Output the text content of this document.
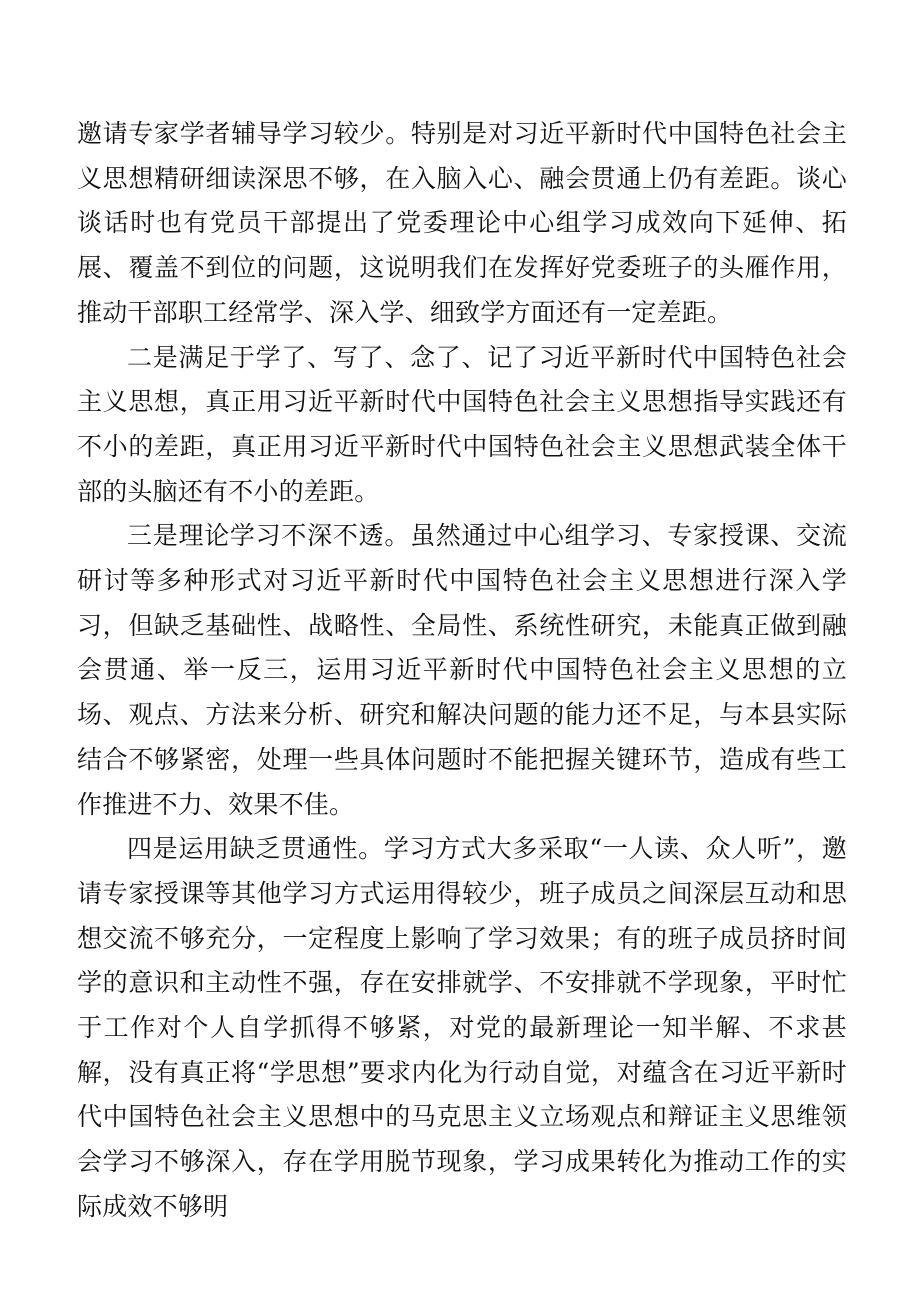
邀请专家学者辅导学习较少。特别是对习近平新时代中国特色社会主义思想精研细读深思不够，在入脑入心、融会贯通上仍有差距。谈心谈话时也有党员干部提出了党委理论中心组学习成效向下延伸、拓展、覆盖不到位的问题，这说明我们在发挥好党委班子的头雁作用，推动干部职工经常学、深入学、细致学方面还有一定差距。

二是满足于学了、写了、念了、记了习近平新时代中国特色社会主义思想，真正用习近平新时代中国特色社会主义思想指导实践还有不小的差距，真正用习近平新时代中国特色社会主义思想武装全体干部的头脑还有不小的差距。

三是理论学习不深不透。虽然通过中心组学习、专家授课、交流研讨等多种形式对习近平新时代中国特色社会主义思想进行深入学习，但缺乏基础性、战略性、全局性、系统性研究，未能真正做到融会贯通、举一反三，运用习近平新时代中国特色社会主义思想的立场、观点、方法来分析、研究和解决问题的能力还不足，与本县实际结合不够紧密，处理一些具体问题时不能把握关键环节，造成有些工作推进不力、效果不佳。

四是运用缺乏贯通性。学习方式大多采取“一人读、众人听”，邀请专家授课等其他学习方式运用得较少，班子成员之间深层互动和思想交流不够充分，一定程度上影响了学习效果；有的班子成员挤时间学的意识和主动性不强，存在安排就学、不安排就不学现象，平时忙于工作对个人自学抓得不够紧，对党的最新理论一知半解、不求甚解，没有真正将“学思想”要求内化为行动自觉，对蕴含在习近平新时代中国特色社会主义思想中的马克思主义立场观点和辩证主义思维领会学习不够深入，存在学用脱节现象，学习成果转化为推动工作的实际成效不够明
